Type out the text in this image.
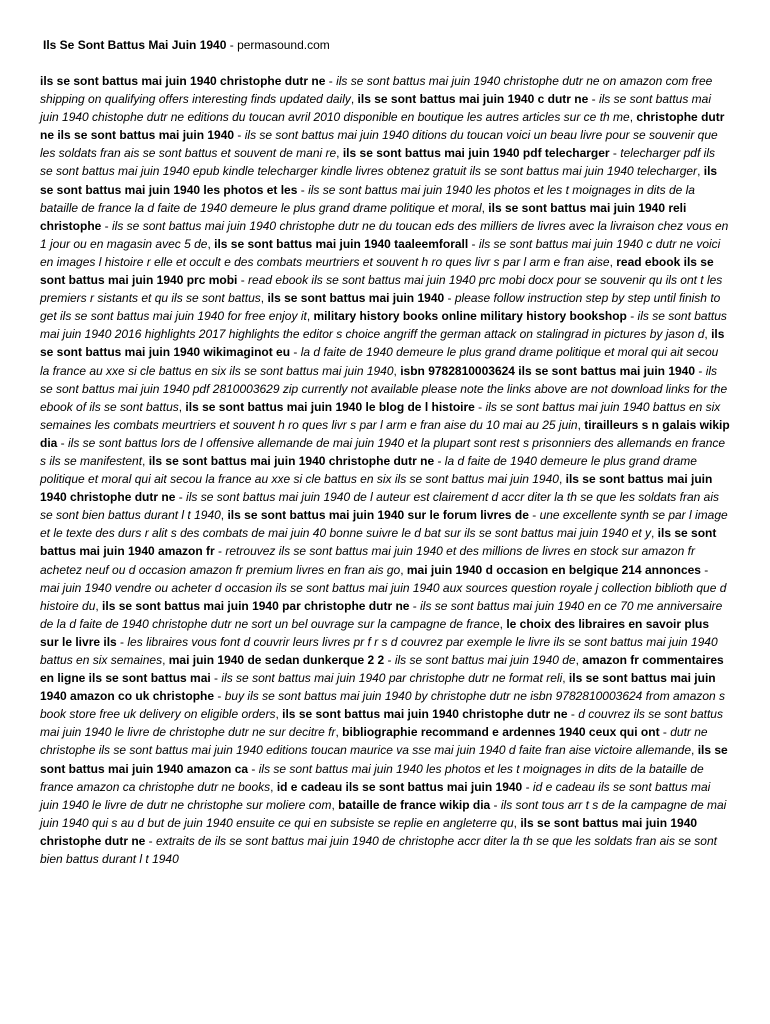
Ils Se Sont Battus Mai Juin 1940 - permasound.com

ils se sont battus mai juin 1940 christophe dutr ne - ils se sont battus mai juin 1940 christophe dutr ne on amazon com free shipping on qualifying offers interesting finds updated daily, ils se sont battus mai juin 1940 c dutr ne - ils se sont battus mai juin 1940 chistophe dutr ne editions du toucan avril 2010 disponible en boutique les autres articles sur ce th me, christophe dutr ne ils se sont battus mai juin 1940 - ils se sont battus mai juin 1940 ditions du toucan voici un beau livre pour se souvenir que les soldats fran ais se sont battus et souvent de mani re, ils se sont battus mai juin 1940 pdf telecharger - telecharger pdf ils se sont battus mai juin 1940 epub kindle telecharger kindle livres obtenez gratuit ils se sont battus mai juin 1940 telecharger, ils se sont battus mai juin 1940 les photos et les - ils se sont battus mai juin 1940 les photos et les t moignages in dits de la bataille de france la d faite de 1940 demeure le plus grand drame politique et moral, ils se sont battus mai juin 1940 reli christophe - ils se sont battus mai juin 1940 christophe dutr ne du toucan eds des milliers de livres avec la livraison chez vous en 1 jour ou en magasin avec 5 de, ils se sont battus mai juin 1940 taaleemforall - ils se sont battus mai juin 1940 c dutr ne voici en images l histoire r elle et occult e des combats meurtriers et souvent h ro ques livr s par l arm e fran aise, read ebook ils se sont battus mai juin 1940 prc mobi - read ebook ils se sont battus mai juin 1940 prc mobi docx pour se souvenir qu ils ont t les premiers r sistants et qu ils se sont battus, ils se sont battus mai juin 1940 - please follow instruction step by step until finish to get ils se sont battus mai juin 1940 for free enjoy it, military history books online military history bookshop - ils se sont battus mai juin 1940 2016 highlights 2017 highlights the editor s choice angriff the german attack on stalingrad in pictures by jason d, ils se sont battus mai juin 1940 wikimaginot eu - la d faite de 1940 demeure le plus grand drame politique et moral qui ait secou la france au xxe si cle battus en six ils se sont battus mai juin 1940, isbn 9782810003624 ils se sont battus mai juin 1940 - ils se sont battus mai juin 1940 pdf 2810003629 zip currently not available please note the links above are not download links for the ebook of ils se sont battus, ils se sont battus mai juin 1940 le blog de l histoire - ils se sont battus mai juin 1940 battus en six semaines les combats meurtriers et souvent h ro ques livr s par l arm e fran aise du 10 mai au 25 juin, tirailleurs s n galais wikip dia - ils se sont battus lors de l offensive allemande de mai juin 1940 et la plupart sont rest s prisonniers des allemands en france s ils se manifestent, ils se sont battus mai juin 1940 christophe dutr ne - la d faite de 1940 demeure le plus grand drame politique et moral qui ait secou la france au xxe si cle battus en six ils se sont battus mai juin 1940, ils se sont battus mai juin 1940 christophe dutr ne - ils se sont battus mai juin 1940 de l auteur est clairement d accr diter la th se que les soldats fran ais se sont bien battus durant l t 1940, ils se sont battus mai juin 1940 sur le forum livres de - une excellente synth se par l image et le texte des durs r alit s des combats de mai juin 40 bonne suivre le d bat sur ils se sont battus mai juin 1940 et y, ils se sont battus mai juin 1940 amazon fr - retrouvez ils se sont battus mai juin 1940 et des millions de livres en stock sur amazon fr achetez neuf ou d occasion amazon fr premium livres en fran ais go, mai juin 1940 d occasion en belgique 214 annonces - mai juin 1940 vendre ou acheter d occasion ils se sont battus mai juin 1940 aux sources question royale j collection biblioth que d histoire du, ils se sont battus mai juin 1940 par christophe dutr ne - ils se sont battus mai juin 1940 en ce 70 me anniversaire de la d faite de 1940 christophe dutr ne sort un bel ouvrage sur la campagne de france, le choix des libraires en savoir plus sur le livre ils - les libraires vous font d couvrir leurs livres pr f r s d couvrez par exemple le livre ils se sont battus mai juin 1940 battus en six semaines, mai juin 1940 de sedan dunkerque 2 2 - ils se sont battus mai juin 1940 de, amazon fr commentaires en ligne ils se sont battus mai - ils se sont battus mai juin 1940 par christophe dutr ne format reli, ils se sont battus mai juin 1940 amazon co uk christophe - buy ils se sont battus mai juin 1940 by christophe dutr ne isbn 9782810003624 from amazon s book store free uk delivery on eligible orders, ils se sont battus mai juin 1940 christophe dutr ne - d couvrez ils se sont battus mai juin 1940 le livre de christophe dutr ne sur decitre fr, bibliographie recommand e ardennes 1940 ceux qui ont - dutr ne christophe ils se sont battus mai juin 1940 editions toucan maurice va sse mai juin 1940 d faite fran aise victoire allemande, ils se sont battus mai juin 1940 amazon ca - ils se sont battus mai juin 1940 les photos et les t moignages in dits de la bataille de france amazon ca christophe dutr ne books, id e cadeau ils se sont battus mai juin 1940 - id e cadeau ils se sont battus mai juin 1940 le livre de dutr ne christophe sur moliere com, bataille de france wikip dia - ils sont tous arr t s de la campagne de mai juin 1940 qui s au d but de juin 1940 ensuite ce qui en subsiste se replie en angleterre qu, ils se sont battus mai juin 1940 christophe dutr ne - extraits de ils se sont battus mai juin 1940 de christophe accr diter la th se que les soldats fran ais se sont bien battus durant l t 1940
